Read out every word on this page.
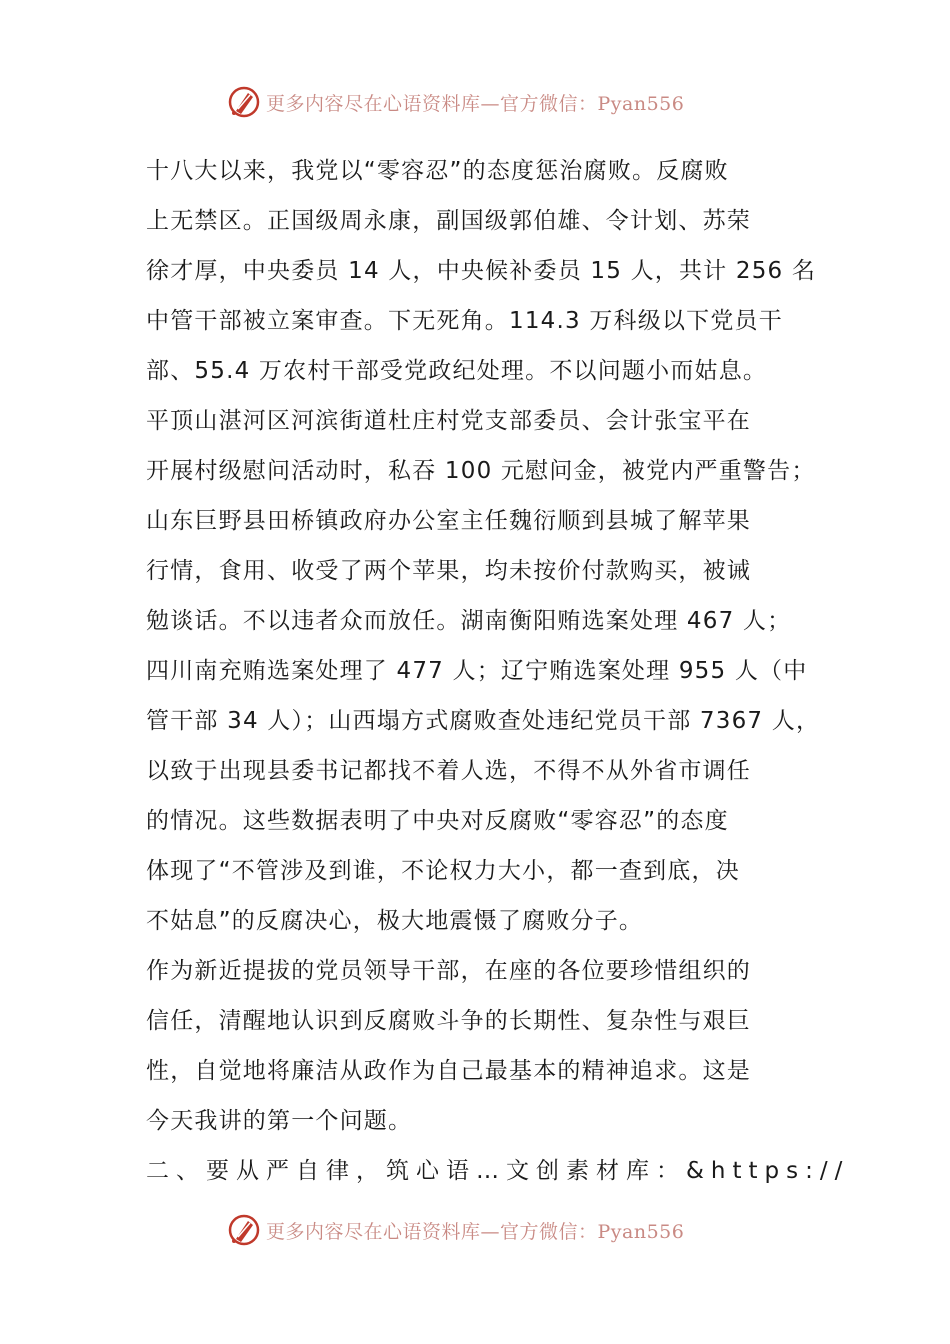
更多内容尽在心语资料库—官方微信：Pyan556
十八大以来，我党以“零容忍”的态度惩治腐败。反腐败
上无禁区。正国级周永康，副国级郭伯雄、令计划、苏荣
徐才厚，中央委员 14 人，中央候补委员 15 人，共计 256 名
中管干部被立案审查。下无死角。114.3 万科级以下党员干
部、55.4 万农村干部受党政纪处理。不以问题小而姑息。
平顶山湛河区河滨街道杜庄村党支部委员、会计张宝平在
开展村级慰问活动时，私吞 100 元慰问金，被党内严重警告；
山东巨野县田桥镇政府办公室主任魏衍顺到县城了解苹果
行情，食用、收受了两个苹果，均未按价付款购买，被诫
勉谈话。不以违者众而放任。湖南衡阳贿选案处理 467 人；
四川南充贿选案处理了 477 人；辽宁贿选案处理 955 人（中
管干部 34 人）；山西塌方式腐败查处违纪党员干部 7367 人，
以致于出现县委书记都找不着人选，不得不从外省市调任
的情况。这些数据表明了中央对反腐败“零容忍”的态度
体现了“不管涉及到谁，不论权力大小，都一查到底，决
不姑息”的反腐决心，极大地震慑了腐败分子。
作为新近提拔的党员领导干部，在座的各位要珍惜组织的
信任，清醒地认识到反腐败斗争的长期性、复杂性与艰巨
性，自觉地将廉洁从政作为自己最基本的精神追求。这是
今天我讲的第一个问题。
二、要从严自律，筑心语…文创素材库：&https://
更多内容尽在心语资料库—官方微信：Pyan556
